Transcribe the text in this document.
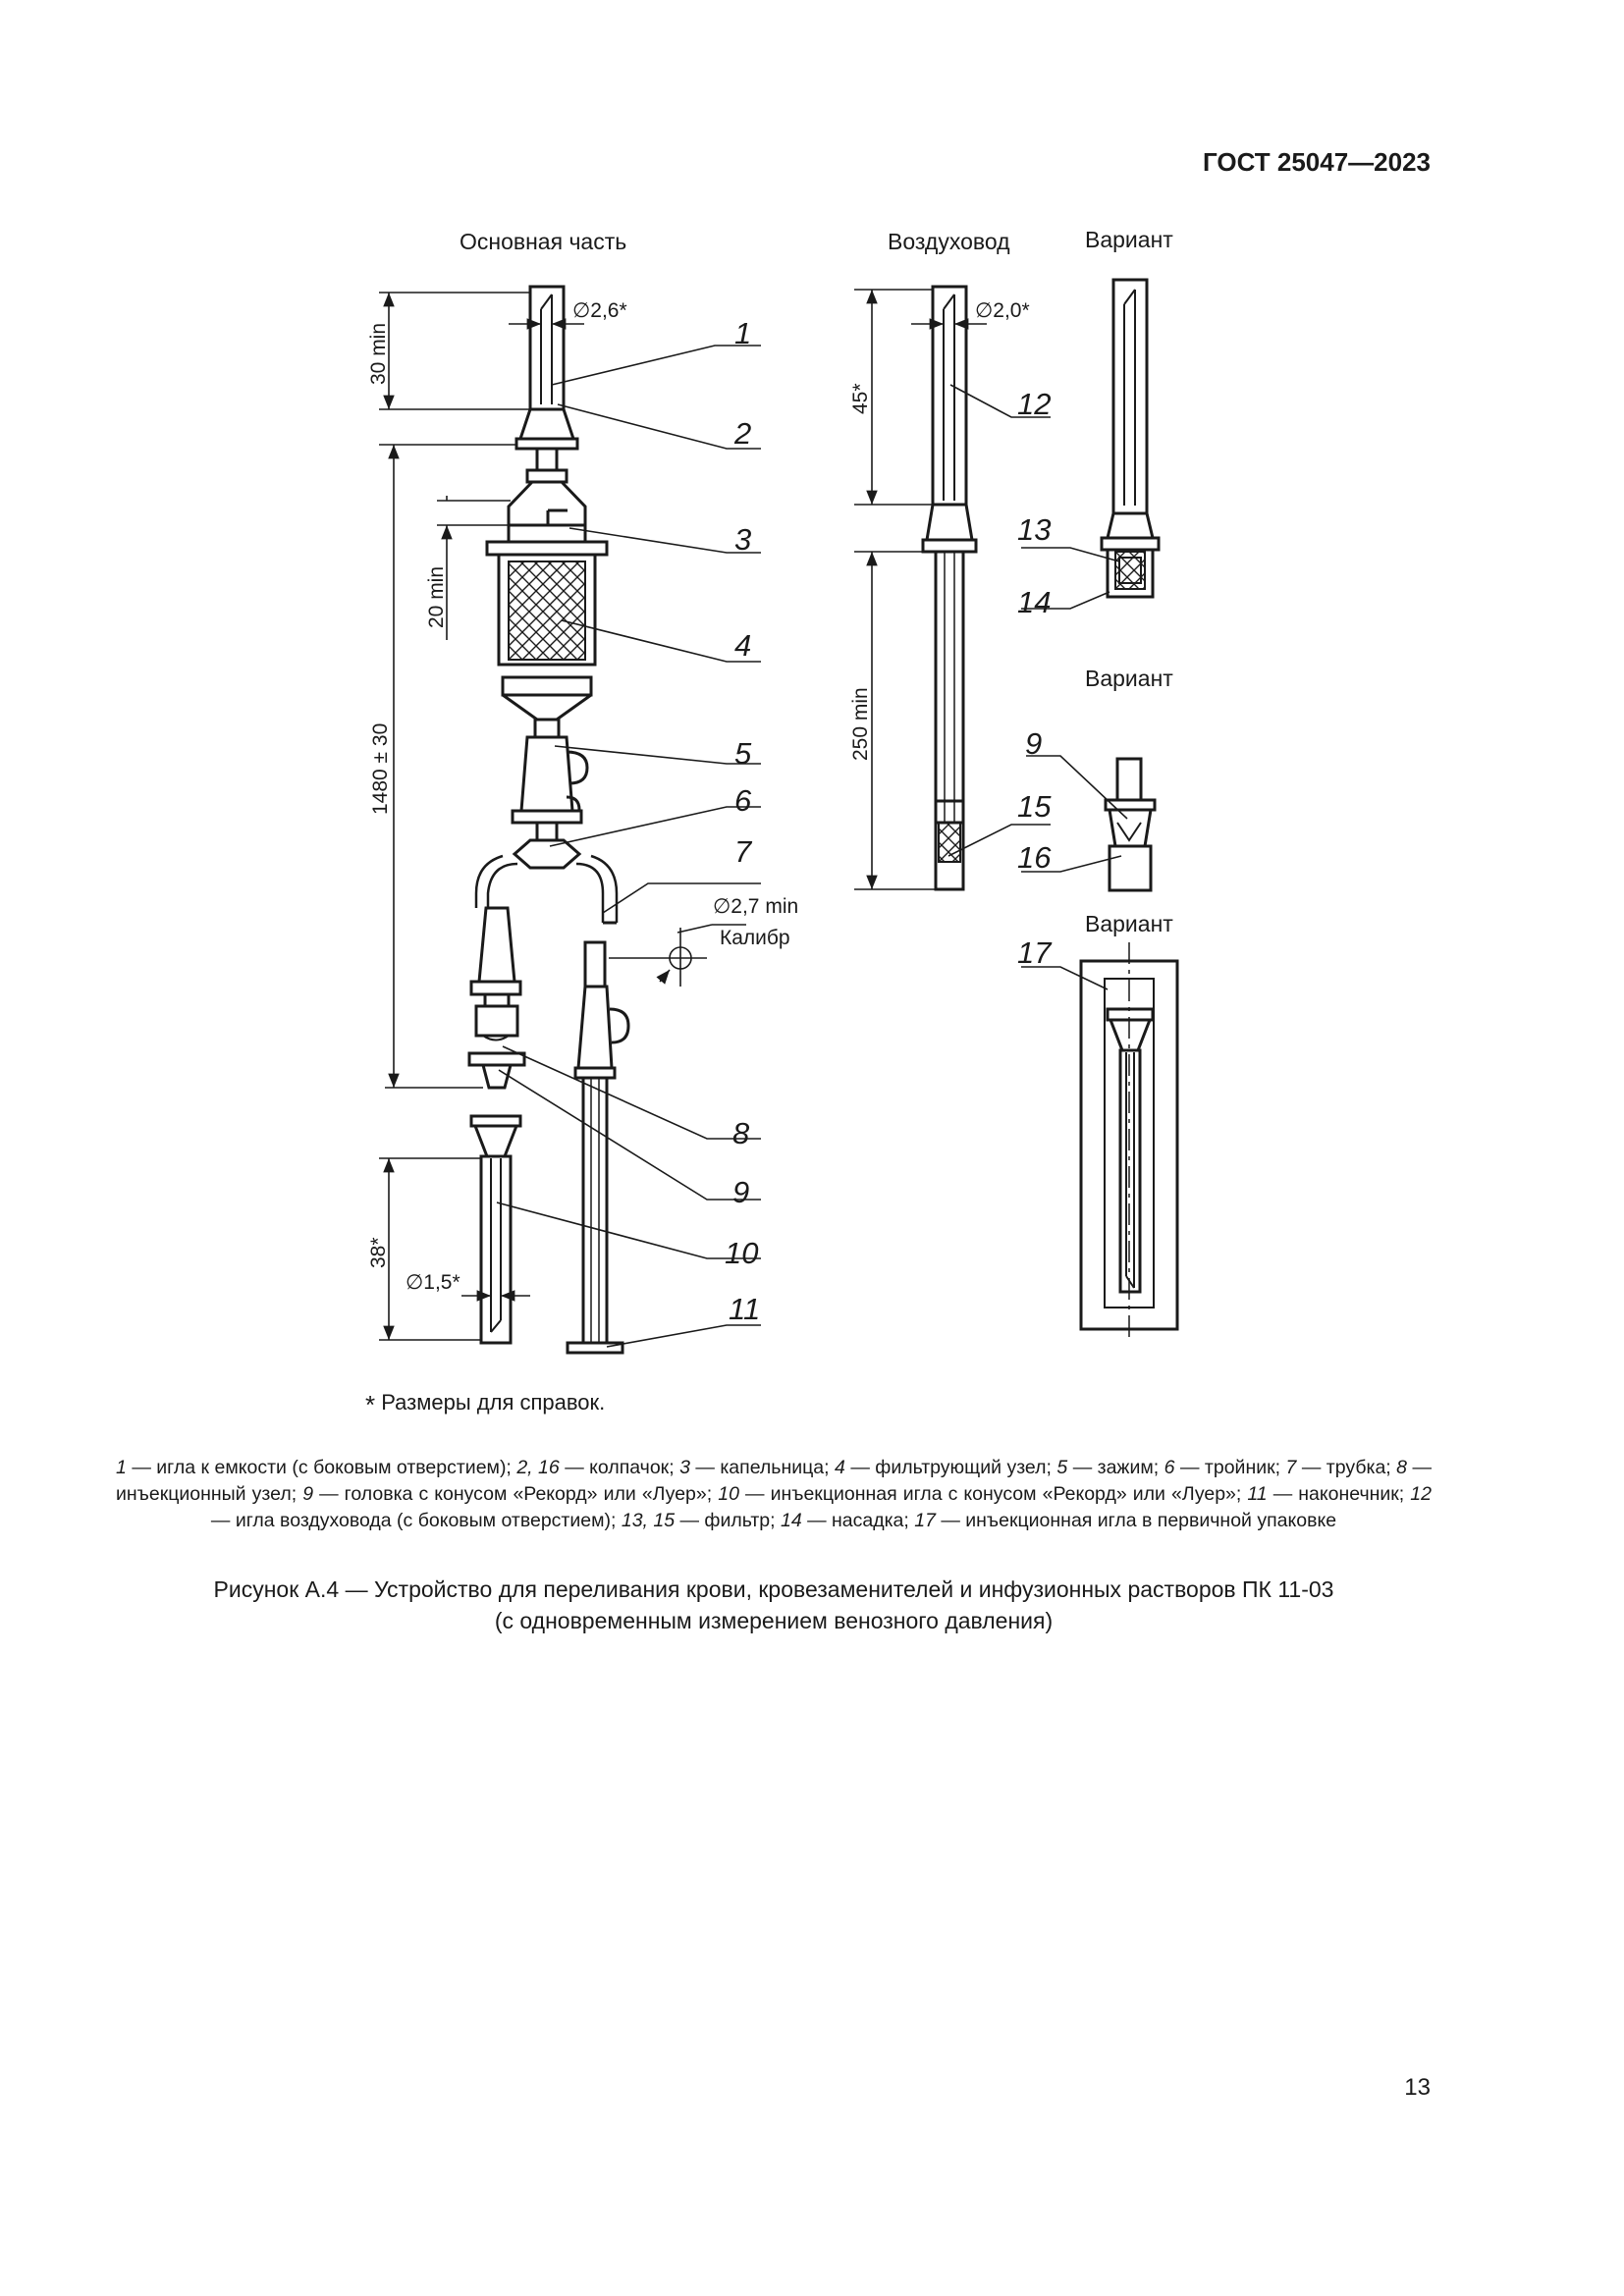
ГОСТ 25047—2023
Основная часть	Воздуховод	Вариант
Вариант
Вариант
30 min
∅2,6*
1480 ± 30
20 min
38*
∅1,5*
∅2,7 min
Калибр
1
2
3
4
5
6
7
8
9
10
11
45*
∅2,0*
250 min
12
15
13
14
9
16
17
* Размеры для справок.
1 — игла к емкости (с боковым отверстием); 2, 16 — колпачок; 3 — капельница; 4 — фильтрующий узел; 5 — зажим; 6 — тройник; 7 — трубка; 8 — инъекционный узел; 9 — головка с конусом «Рекорд» или «Луер»; 10 — инъекционная игла с конусом «Рекорд» или «Луер»; 11 — наконечник; 12 — игла воздуховода (с боковым отверстием); 13, 15 — фильтр; 14 — насадка; 17 — инъекционная игла в первичной упаковке
Рисунок А.4 — Устройство для переливания крови, кровезаменителей и инфузионных растворов ПК 11-03
(с одновременным измерением венозного давления)
13
